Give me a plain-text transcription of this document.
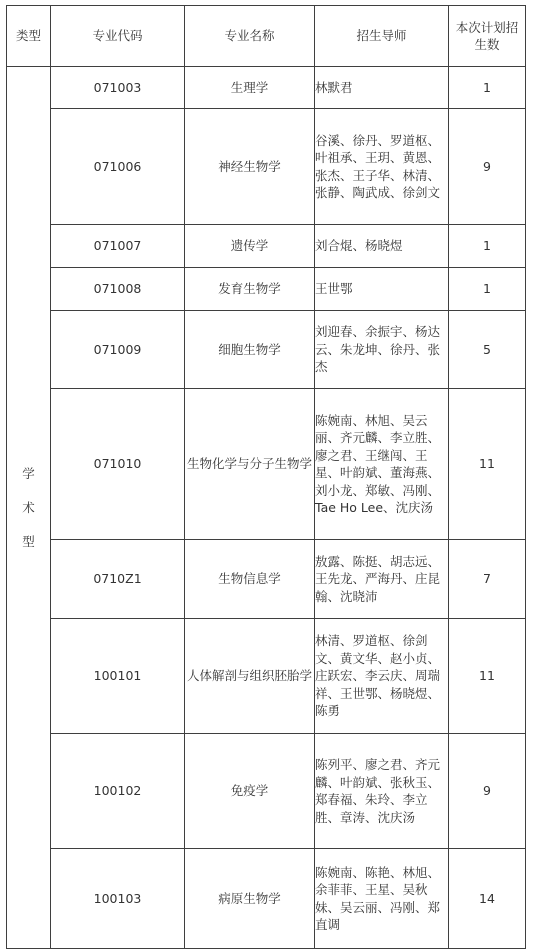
类型	专业代码	专业名称	招生导师	本次计划招生数

学
术
型	071003	生理学	林默君	1
	071006	神经生物学	谷溪、徐丹、罗道枢、叶祖承、王玥、黄恩、张杰、王子华、林清、张静、陶武成、徐剑文	9
	071007	遗传学	刘合焜、杨晓煜	1
	071008	发育生物学	王世鄂	1
	071009	细胞生物学	刘迎春、余振宇、杨达云、朱龙坤、徐丹、张杰	5
	071010	生物化学与分子生物学	陈婉南、林旭、吴云丽、齐元麟、李立胜、廖之君、王继闯、王星、叶韵斌、董海燕、刘小龙、郑敏、冯刚、Tae Ho Lee、沈庆汤	11
	0710Z1	生物信息学	敖露、陈挺、胡志远、王先龙、严海丹、庄昆翰、沈晓沛	7
	100101	人体解剖与组织胚胎学	林清、罗道枢、徐剑文、黄文华、赵小贞、庄跃宏、李云庆、周瑞祥、王世鄂、杨晓煜、陈勇	11
	100102	免疫学	陈列平、廖之君、齐元麟、叶韵斌、张秋玉、郑春福、朱玲、李立胜、章涛、沈庆汤	9
	100103	病原生物学	陈婉南、陈艳、林旭、余菲菲、王星、吴秋妹、吴云丽、冯刚、郑直调	14
